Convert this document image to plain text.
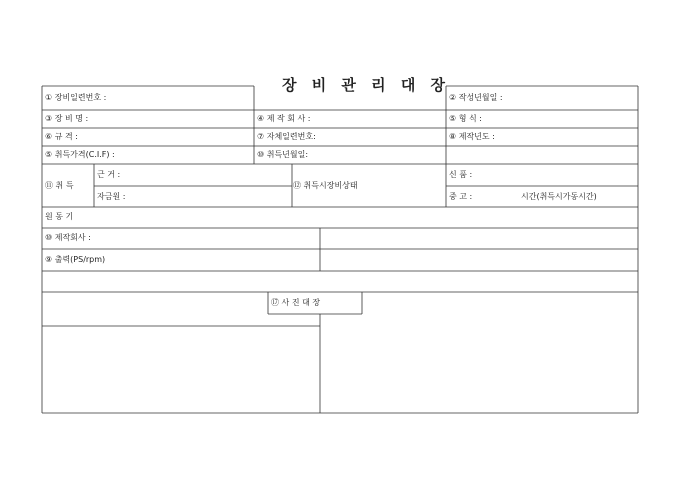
장 비 관 리 대 장
① 장비일련번호 :	② 작성년월일 :
③ 장 비 명 :	④ 제 작 회 사 :	⑤ 형 식 :
⑥ 규 격 :	⑦ 자체일련번호:	⑧ 제작년도 :
⑤ 취득가격(C.I.F) :	⑩ 취득년월일:
⑪ 취 득
근 거 :
자금원 :
⑫ 취득시장비상태
신 품 :
중 고 :	시간(취득시가동시간)
원 동 기
⑩ 제작회사 :
⑨ 출력(PS/rpm)
⑰ 사 진 대 장
